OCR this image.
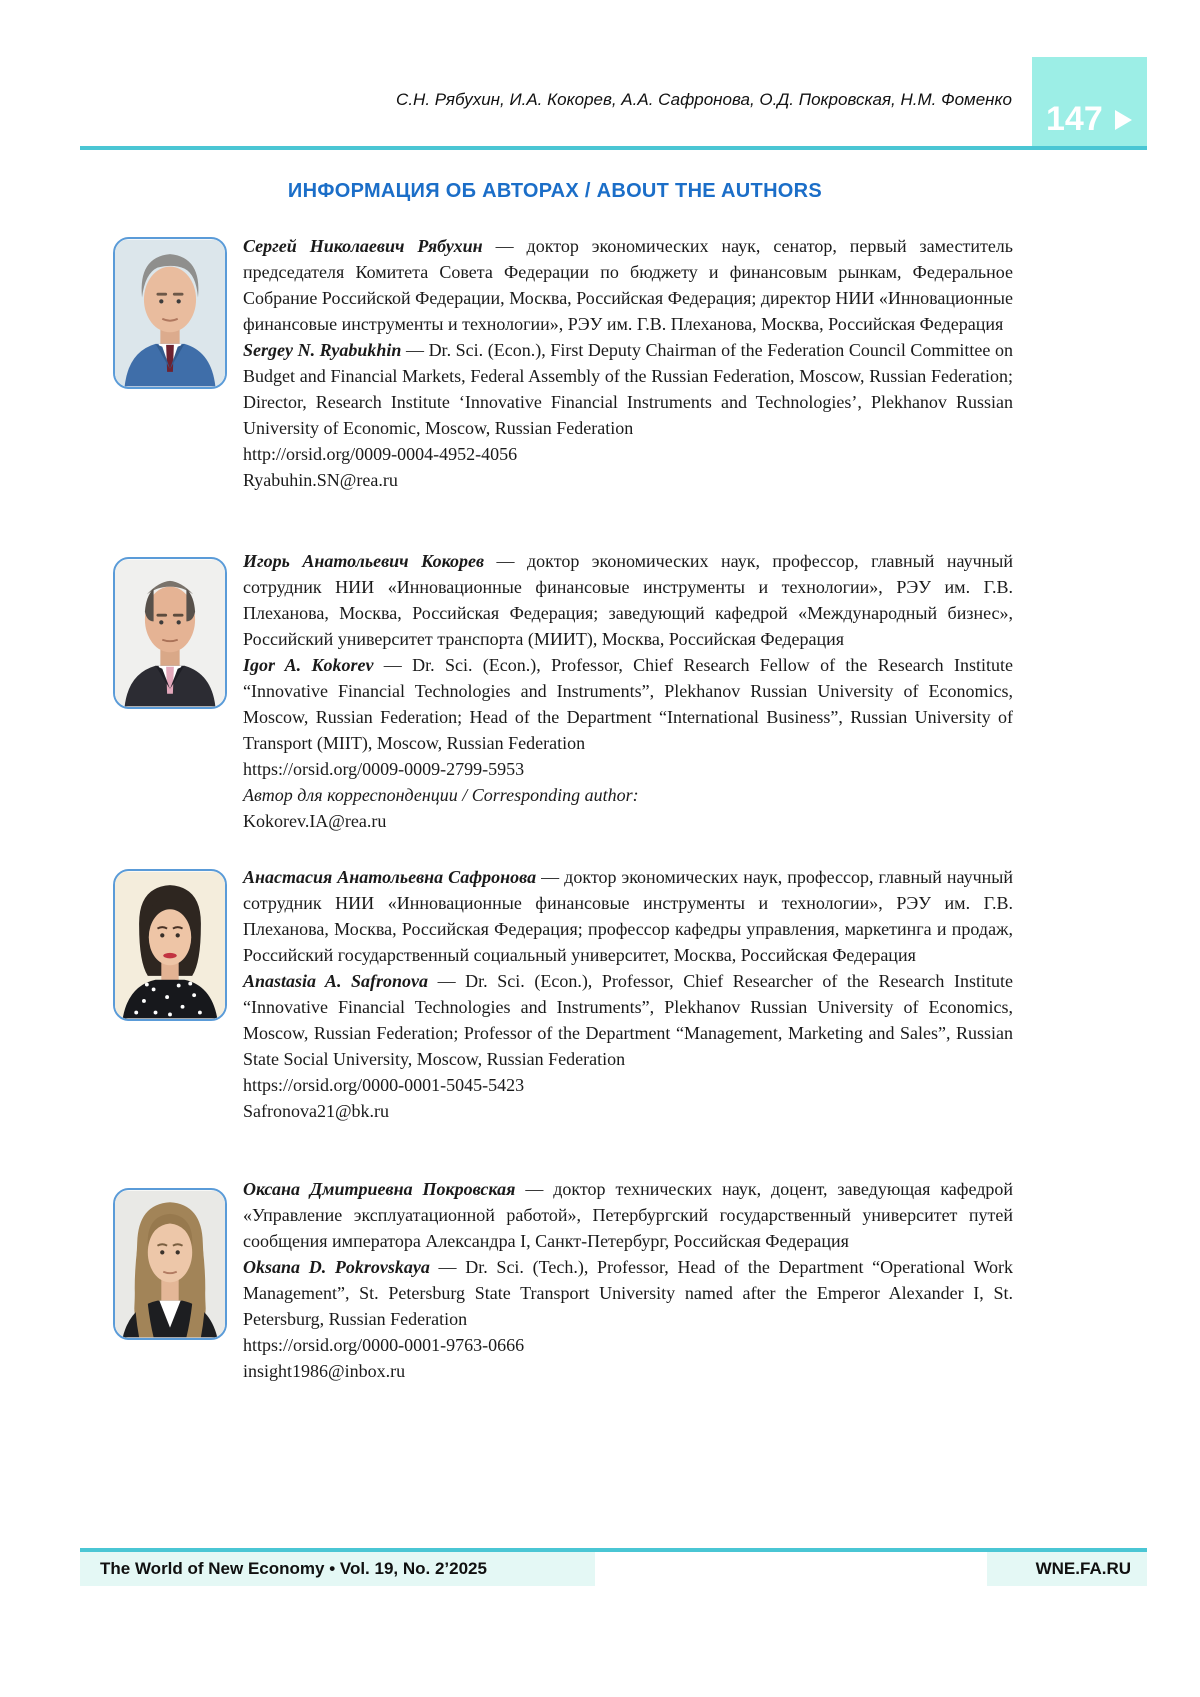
С.Н. Рябухин, И.А. Кокорев, А.А. Сафронова, О.Д. Покровская, Н.М. Фоменко
147
ИНФОРМАЦИЯ ОБ АВТОРАХ / ABOUT THE AUTHORS

Сергей Николаевич Рябухин — доктор экономических наук, сенатор, первый заместитель председателя Комитета Совета Федерации по бюджету и финансовым рынкам, Федеральное Собрание Российской Федерации, Москва, Российская Федерация; директор НИИ «Инновационные финансовые инструменты и технологии», РЭУ им. Г.В. Плеханова, Москва, Российская Федерация

Sergey N. Ryabukhin — Dr. Sci. (Econ.), First Deputy Chairman of the Federation Council Committee on Budget and Financial Markets, Federal Assembly of the Russian Federation, Moscow, Russian Federation; Director, Research Institute ‘Innovative Financial Instruments and Technologies’, Plekhanov Russian University of Economic, Moscow, Russian Federation

http://orsid.org/0009-0004-4952-4056
Ryabuhin.SN@rea.ru

Игорь Анатольевич Кокорев — доктор экономических наук, профессор, главный научный сотрудник НИИ «Инновационные финансовые инструменты и технологии», РЭУ им. Г.В. Плеханова, Москва, Российская Федерация; заведующий кафедрой «Международный бизнес», Российский университет транспорта (МИИТ), Москва, Российская Федерация

Igor A. Kokorev — Dr. Sci. (Econ.), Professor, Chief Research Fellow of the Research Institute “Innovative Financial Technologies and Instruments”, Plekhanov Russian University of Economics, Moscow, Russian Federation; Head of the Department “International Business”, Russian University of Transport (MIIT), Moscow, Russian Federation

https://orsid.org/0009-0009-2799-5953
Автор для корреспонденции / Corresponding author:
Kokorev.IA@rea.ru

Анастасия Анатольевна Сафронова — доктор экономических наук, профессор, главный научный сотрудник НИИ «Инновационные финансовые инструменты и технологии», РЭУ им. Г.В. Плеханова, Москва, Российская Федерация; профессор кафедры управления, маркетинга и продаж, Российский государственный социальный университет, Москва, Российская Федерация

Anastasia A. Safronova — Dr. Sci. (Econ.), Professor, Chief Researcher of the Research Institute “Innovative Financial Technologies and Instruments”, Plekhanov Russian University of Economics, Moscow, Russian Federation; Professor of the Department “Management, Marketing and Sales”, Russian State Social University, Moscow, Russian Federation

https://orsid.org/0000-0001-5045-5423
Safronova21@bk.ru

Оксана Дмитриевна Покровская — доктор технических наук, доцент, заведующая кафедрой «Управление эксплуатационной работой», Петербургский государственный университет путей сообщения императора Александра I, Санкт-Петербург, Российская Федерация

Oksana D. Pokrovskaya — Dr. Sci. (Tech.), Professor, Head of the Department “Operational Work Management”, St. Petersburg State Transport University named after the Emperor Alexander I, St. Petersburg, Russian Federation

https://orsid.org/0000-0001-9763-0666
insight1986@inbox.ru
The World of New Economy • Vol. 19, No. 2’2025	WNE.FA.RU
